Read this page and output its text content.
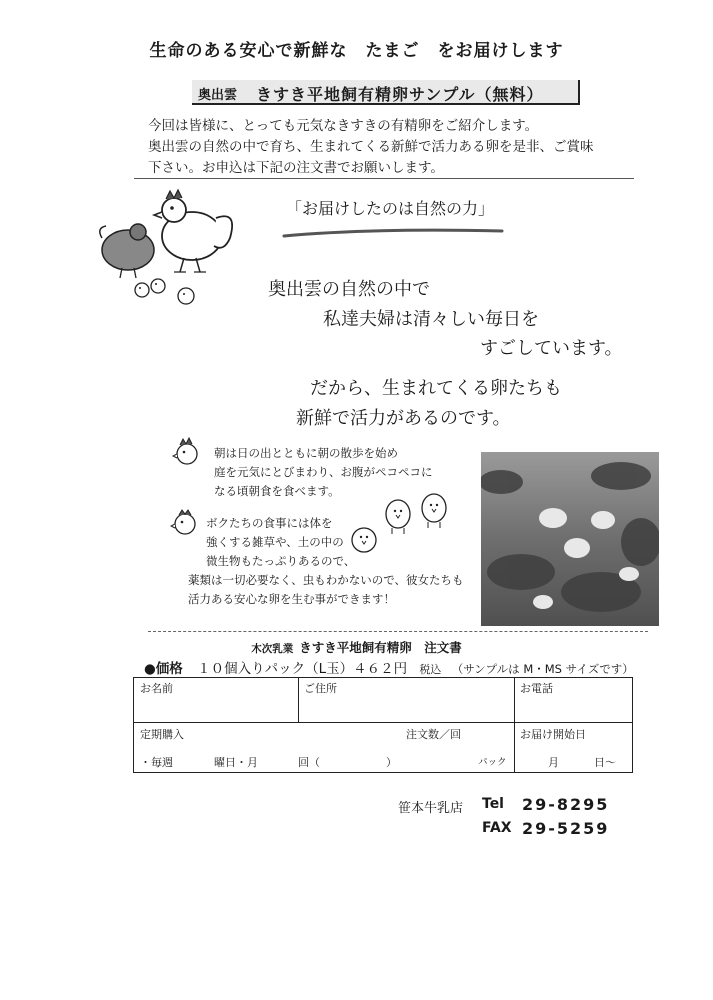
生命のある安心で新鮮な　たまご　をお届けします
奥出雲 きすき平地飼有精卵サンプル（無料）
今回は皆様に、とっても元気なきすきの有精卵をご紹介します。
奥出雲の自然の中で育ち、生まれてくる新鮮で活力ある卵を是非、ご賞味
下さい。お申込は下記の注文書でお願いします。
「お届けしたのは自然の力」
奥出雲の自然の中で
私達夫婦は清々しい毎日を
すごしています。
だから、生まれてくる卵たちも
新鮮で活力があるのです。
朝は日の出とともに朝の散歩を始め
庭を元気にとびまわり、お腹がペコペコに
なる頃朝食を食べます。
ボクたちの食事には体を
強くする雑草や、土の中の
微生物もたっぷりあるので、
薬類は一切必要なく、虫もわかないので、彼女たちも
活力ある安心な卵を生む事ができます！
木次乳業 きすき平地飼有精卵　注文書
●価格 １０個入りパック（L玉）４６２円 税込 （サンプルは M・MS サイズです）
お名前	ご住所	お電話
定期購入	注文数／回	お届け開始日
・毎週	曜日・月	回（　　　　　　）	パック	月	日〜
笹本牛乳店 Tel 29-8295
FAX 29-5259
